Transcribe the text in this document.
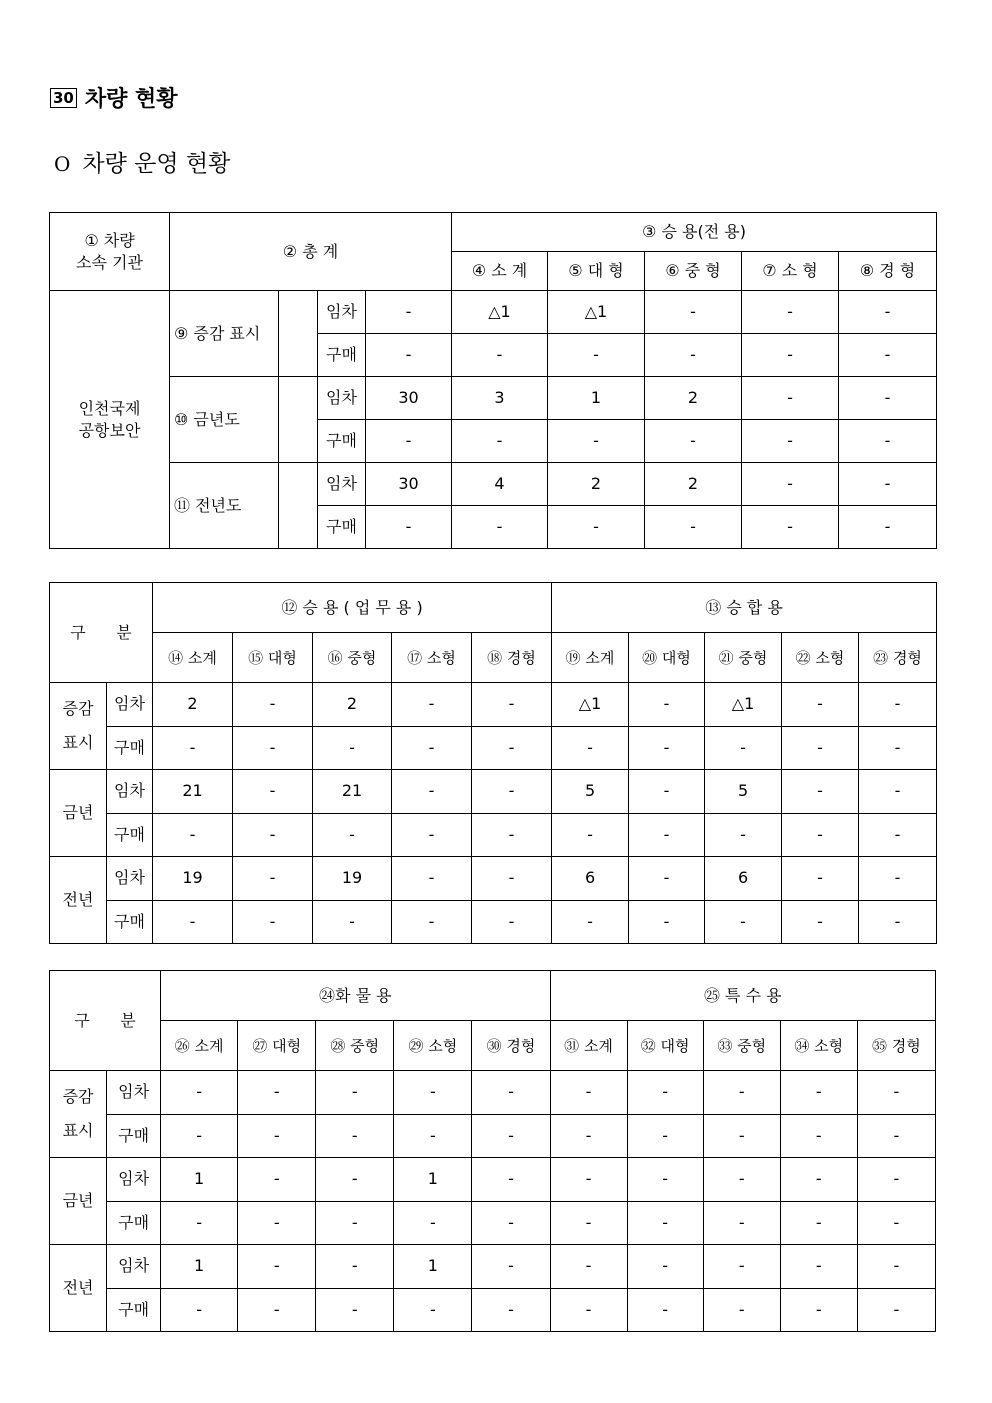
30 차량 현황
O 차량 운영 현황
① 차량
소속 기관	② 총 계				③ 승 용(전 용)				
					④ 소 계	⑤ 대 형	⑥ 중 형	⑦ 소 형	⑧ 경 형
인천국제
공항보안	⑨ 증감 표시		임차	-	△1	△1	-	-	-
			구매	-	-	-	-	-	-
	⑩ 금년도		임차	30	3	1	2	-	-
			구매	-	-	-	-	-	-
	⑪ 전년도		임차	30	4	2	2	-	-
			구매	-	-	-	-	-	-
구      분		⑫ 승 용 ( 업 무 용 )					⑬ 승 합 용				
		⑭ 소계	⑮ 대형	⑯ 중형	⑰ 소형	⑱ 경형	⑲ 소계	⑳ 대형	㉑ 중형	㉒ 소형	㉓ 경형
증감
표시	임차	2	-	2	-	-	△1	-	△1	-	-
	구매	-	-	-	-	-	-	-	-	-	-
금년	임차	21	-	21	-	-	5	-	5	-	-
	구매	-	-	-	-	-	-	-	-	-	-
전년	임차	19	-	19	-	-	6	-	6	-	-
	구매	-	-	-	-	-	-	-	-	-	-
구      분		㉔화 물 용					㉕ 특 수 용				
		㉖ 소계	㉗ 대형	㉘ 중형	㉙ 소형	㉚ 경형	㉛ 소계	㉜ 대형	㉝ 중형	㉞ 소형	㉟ 경형
증감
표시	임차	-	-	-	-	-	-	-	-	-	-
	구매	-	-	-	-	-	-	-	-	-	-
금년	임차	1	-	-	1	-	-	-	-	-	-
	구매	-	-	-	-	-	-	-	-	-	-
전년	임차	1	-	-	1	-	-	-	-	-	-
	구매	-	-	-	-	-	-	-	-	-	-
